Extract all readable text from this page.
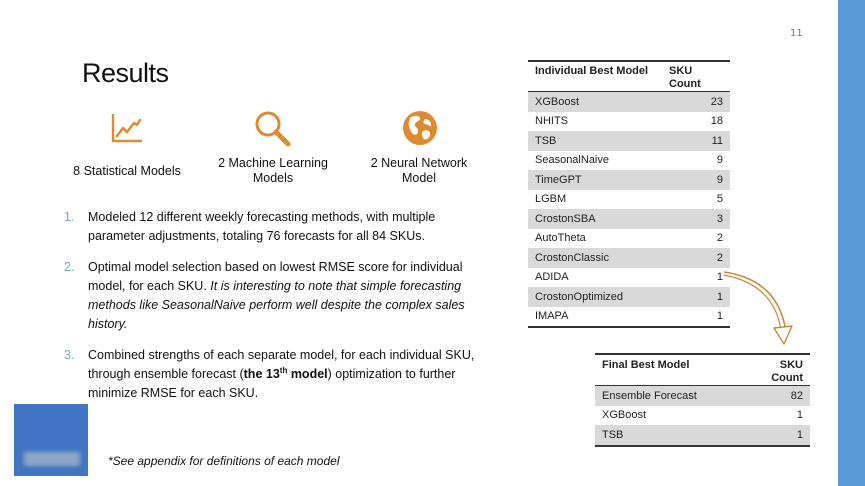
11
Results
8 Statistical Models
2 Machine Learning Models
2 Neural Network Model
1.	Modeled 12 different weekly forecasting methods, with multiple parameter adjustments, totaling 76 forecasts for all 84 SKUs.
2.	Optimal model selection based on lowest RMSE score for individual model, for each SKU. It is interesting to note that simple forecasting methods like SeasonalNaive perform well despite the complex sales history.
3.	Combined strengths of each separate model, for each individual SKU, through ensemble forecast (the 13th model) optimization to further minimize RMSE for each SKU.
*See appendix for definitions of each model
Individual Best Model	SKU Count
XGBoost	23
NHITS	18
TSB	11
SeasonalNaive	9
TimeGPT	9
LGBM	5
CrostonSBA	3
AutoTheta	2
CrostonClassic	2
ADIDA	1
CrostonOptimized	1
IMAPA	1
Final Best Model	SKU Count
Ensemble Forecast	82
XGBoost	1
TSB	1
